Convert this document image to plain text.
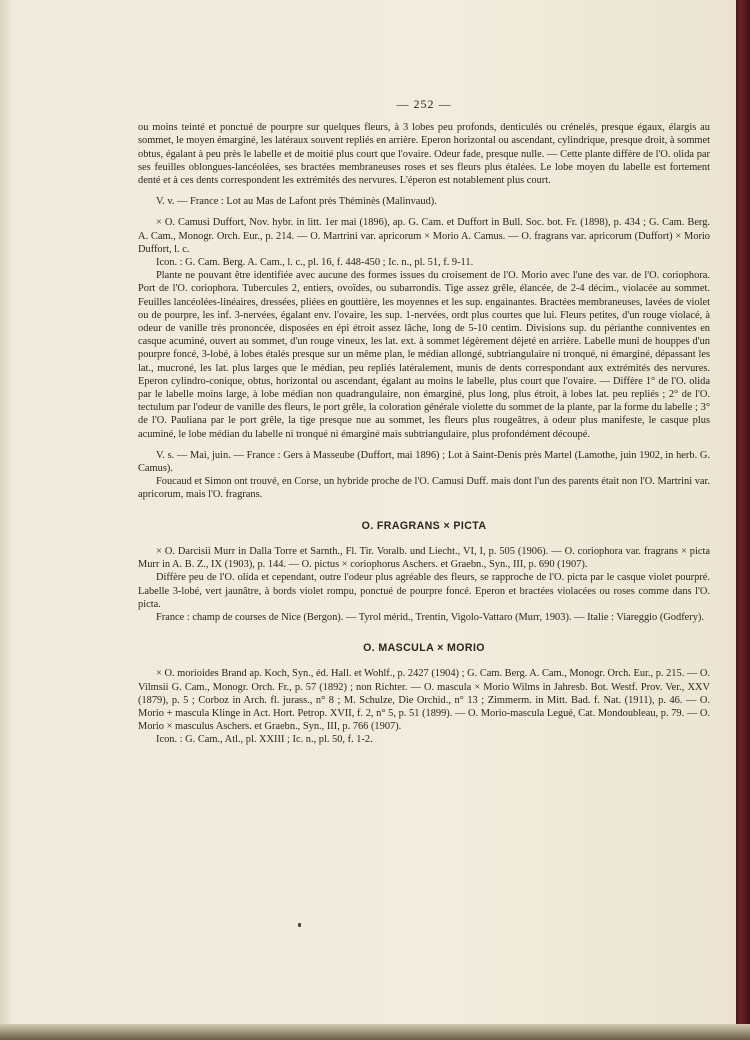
— 252 —

ou moins teinté et ponctué de pourpre sur quelques fleurs, à 3 lobes peu profonds, denticulés ou crénelés, presque égaux, élargis au sommet, le moyen émarginé, les latéraux souvent repliés en arrière. Eperon horizontal ou ascendant, cylindrique, presque droit, à sommet obtus, égalant à peu près le labelle et de moitié plus court que l'ovaire. Odeur fade, presque nulle. — Cette plante diffère de l'O. olida par ses feuilles oblongues-lancéolées, ses bractées membraneuses roses et ses fleurs plus étalées. Le lobe moyen du labelle est fortement denté et à ces dents correspondent les extrémités des nervures. L'éperon est notablement plus court.

V. v. — France : Lot au Mas de Lafont près Théminès (Malinvaud).

× O. Camusi Duffort, Nov. hybr. in litt. 1er mai (1896), ap. G. Cam. et Duffort in Bull. Soc. bot. Fr. (1898), p. 434 ; G. Cam. Berg. A. Cam., Monogr. Orch. Eur., p. 214. — O. Martrini var. apricorum × Morio A. Camus. — O. fragrans var. apricorum (Duffort) × Morio Duffort, l. c.

Icon. : G. Cam. Berg. A. Cam., l. c., pl. 16, f. 448-450 ; Ic. n., pl. 51, f. 9-11.

Plante ne pouvant être identifiée avec aucune des formes issues du croisement de l'O. Morio avec l'une des var. de l'O. coriophora. Port de l'O. coriophora. Tubercules 2, entiers, ovoïdes, ou subarrondis. Tige assez grêle, élancée, de 2-4 décim., violacée au sommet. Feuilles lancéolées-linéaires, dressées, pliées en gouttière, les moyennes et les sup. engainantes. Bractées membraneuses, lavées de violet ou de pourpre, les inf. 3-nervées, égalant env. l'ovaire, les sup. 1-nervées, ordt plus courtes que lui. Fleurs petites, d'un rouge violacé, à odeur de vanille très prononcée, disposées en épi étroit assez lâche, long de 5-10 centim. Divisions sup. du périanthe conniventes en casque acuminé, ouvert au sommet, d'un rouge vineux, les lat. ext. à sommet légèrement déjeté en arrière. Labelle muni de houppes d'un pourpre foncé, 3-lobé, à lobes étalés presque sur un même plan, le médian allongé, subtriangulaire ni tronqué, ni émarginé, dépassant les lat., mucroné, les lat. plus larges que le médian, peu repliés latéralement, munis de dents correspondant aux extrémités des nervures. Eperon cylindro-conique, obtus, horizontal ou ascendant, égalant au moins le labelle, plus court que l'ovaire. — Diffère 1° de l'O. olida par le labelle moins large, à lobe médian non quadrangulaire, non émarginé, plus long, plus étroit, à lobes lat. peu repliés ; 2° de l'O. tectulum par l'odeur de vanille des fleurs, le port grêle, la coloration générale violette du sommet de la plante, par la forme du labelle ; 3° de l'O. Pauliana par le port grêle, la tige presque nue au sommet, les fleurs plus rougeâtres, à odeur plus manifeste, le casque plus acuminé, le lobe médian du labelle ni tronqué ni émarginé mais subtriangulaire, plus profondément découpé.

V. s. — Mai, juin. — France : Gers à Masseube (Duffort, mai 1896) ; Lot à Saint-Denis près Martel (Lamothe, juin 1902, in herb. G. Camus).

Foucaud et Simon ont trouvé, en Corse, un hybride proche de l'O. Camusi Duff. mais dont l'un des parents était non l'O. Martrini var. apricorum, mais l'O. fragrans.

O. FRAGRANS × PICTA

× O. Darcisii Murr in Dalla Torre et Sarnth., Fl. Tir. Voralb. und Liecht., VI, I, p. 505 (1906). — O. coriophora var. fragrans × picta Murr in A. B. Z., IX (1903), p. 144. — O. pictus × coriophorus Aschers. et Graebn., Syn., III, p. 690 (1907).

Diffère peu de l'O. olida et cependant, outre l'odeur plus agréable des fleurs, se rapproche de l'O. picta par le casque violet pourpré. Labelle 3-lobé, vert jaunâtre, à bords violet rompu, ponctué de pourpre foncé. Eperon et bractées violacées ou roses comme dans l'O. picta.

France : champ de courses de Nice (Bergon). — Tyrol mérid., Trentin, Vigolo-Vattaro (Murr, 1903). — Italie : Viareggio (Godfery).

O. MASCULA × MORIO

× O. morioides Brand ap. Koch, Syn., éd. Hall. et Wohlf., p. 2427 (1904) ; G. Cam. Berg. A. Cam., Monogr. Orch. Eur., p. 215. — O. Vilmsii G. Cam., Monogr. Orch. Fr., p. 57 (1892) ; non Richter. — O. mascula × Morio Wilms in Jahresb. Bot. Westf. Prov. Ver., XXV (1879), p. 5 ; Corboz in Arch. fl. jurass., n° 8 ; M. Schulze, Die Orchid., n° 13 ; Zimmerm. in Mitt. Bad. f. Nat. (1911), p. 46. — O. Morio + mascula Klinge in Act. Hort. Petrop. XVII, f. 2, n° 5, p. 51 (1899). — O. Morio-mascula Legué, Cat. Mondoubleau, p. 79. — O. Morio × masculus Aschers. et Graebn., Syn., III, p. 766 (1907).

Icon. : G. Cam., Atl., pl. XXIII ; Ic. n., pl. 50, f. 1-2.
